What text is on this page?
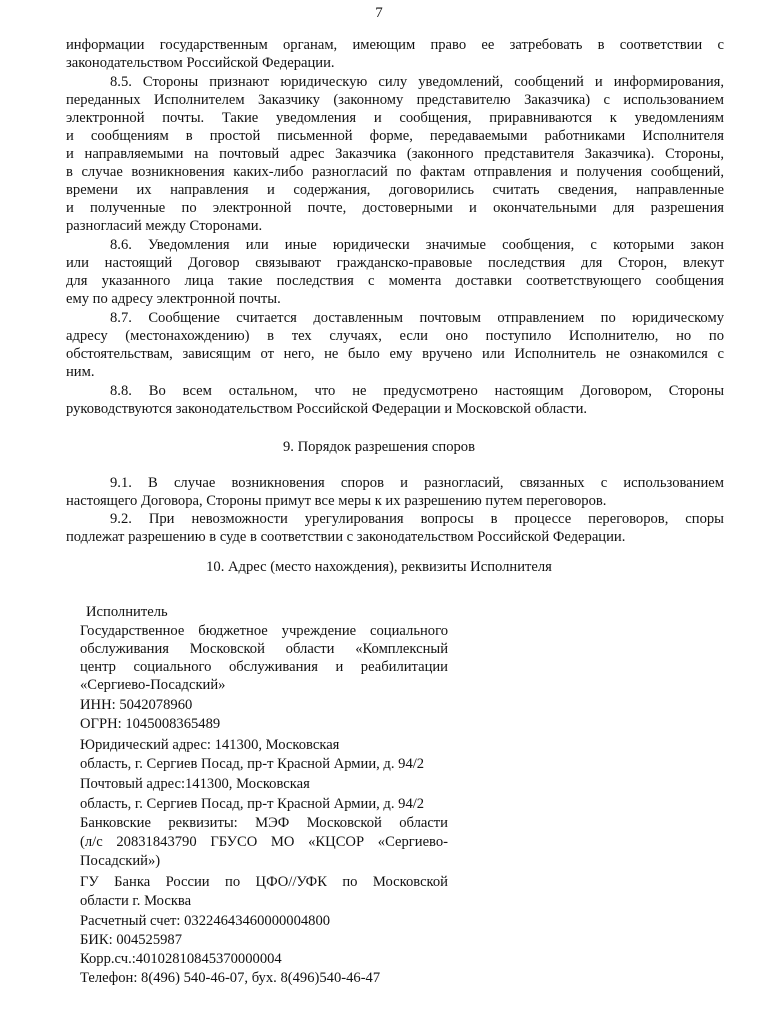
7
информации государственным органам, имеющим право ее затребовать в соответствии с
законодательством Российской Федерации.
8.5. Стороны признают юридическую силу уведомлений, сообщений и информирования,
переданных Исполнителем Заказчику (законному представителю Заказчика) с использованием
электронной почты. Такие уведомления и сообщения, приравниваются к уведомлениям
и сообщениям в простой письменной форме, передаваемыми работниками Исполнителя
и направляемыми на почтовый адрес Заказчика (законного представителя Заказчика). Стороны,
в случае возникновения каких-либо разногласий по фактам отправления и получения сообщений,
времени их направления и содержания, договорились считать сведения, направленные
и полученные по электронной почте, достоверными и окончательными для разрешения
разногласий между Сторонами.
8.6. Уведомления или иные юридически значимые сообщения, с которыми закон
или настоящий Договор связывают гражданско-правовые последствия для Сторон, влекут
для указанного лица такие последствия с момента доставки соответствующего сообщения
ему по адресу электронной почты.
8.7. Сообщение считается доставленным почтовым отправлением по юридическому
адресу (местонахождению) в тех случаях, если оно поступило Исполнителю, но по
обстоятельствам, зависящим от него, не было ему вручено или Исполнитель не ознакомился с
ним.
8.8. Во всем остальном, что не предусмотрено настоящим Договором, Стороны
руководствуются законодательством Российской Федерации и Московской области.
9. Порядок разрешения споров
9.1. В случае возникновения споров и разногласий, связанных с использованием
настоящего Договора, Стороны примут все меры к их разрешению путем переговоров.
9.2. При невозможности урегулирования вопросы в процессе переговоров, споры
подлежат разрешению в суде в соответствии с законодательством Российской Федерации.
10. Адрес (место нахождения), реквизиты Исполнителя
Исполнитель
Государственное бюджетное учреждение социального
обслуживания Московской области «Комплексный
центр социального обслуживания и реабилитации
«Сергиево-Посадский»
ИНН: 5042078960
ОГРН: 1045008365489
Юридический адрес: 141300, Московская
область, г. Сергиев Посад, пр-т Красной Армии, д. 94/2
Почтовый адрес:141300, Московская
область, г. Сергиев Посад, пр-т Красной Армии, д. 94/2
Банковские реквизиты: МЭФ Московской области
(л/с 20831843790 ГБУСО МО «КЦСОР «Сергиево-
Посадский»)
ГУ Банка России по ЦФО//УФК по Московской
области г. Москва
Расчетный счет: 03224643460000004800
БИК: 004525987
Корр.сч.:40102810845370000004
Телефон: 8(496) 540-46-07, бух. 8(496)540-46-47
